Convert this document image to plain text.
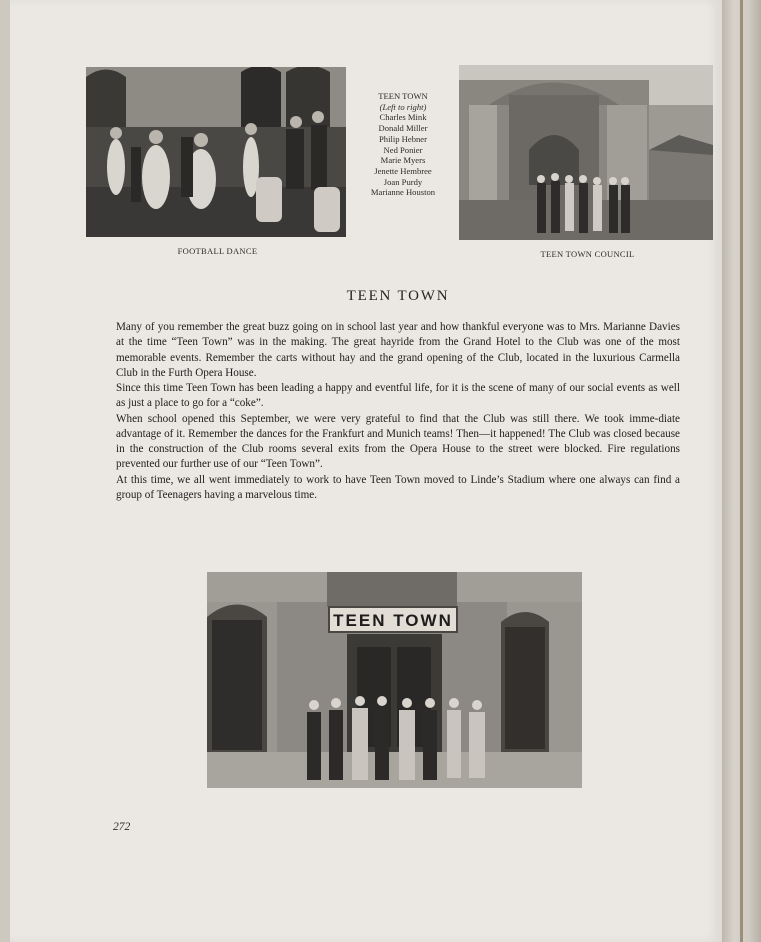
FOOTBALL DANCE
TEEN TOWN
(Left to right)
Charles Mink
Donald Miller
Philip Hebner
Ned Ponier
Marie Myers
Jenette Hembree
Joan Purdy
Marianne Houston
TEEN TOWN COUNCIL
TEEN TOWN

Many of you remember the great buzz going on in school last year and how thankful everyone was to Mrs. Marianne Davies at the time “Teen Town” was in the making. The great hayride from the Grand Hotel to the Club was one of the most memorable events. Remember the carts without hay and the grand opening of the Club, located in the luxurious Carmella Club in the Furth Opera House.

Since this time Teen Town has been leading a happy and eventful life, for it is the scene of many of our social events as well as just a place to go for a “coke”.

When school opened this September, we were very grateful to find that the Club was still there. We took imme-diate advantage of it. Remember the dances for the Frankfurt and Munich teams! Then—it happened! The Club was closed because in the construction of the Club rooms several exits from the Opera House to the street were blocked. Fire regulations prevented our further use of our “Teen Town”.

At this time, we all went immediately to work to have Teen Town moved to Linde’s Stadium where one always can find a group of Teenagers having a marvelous time.

TEEN TOWN
272
